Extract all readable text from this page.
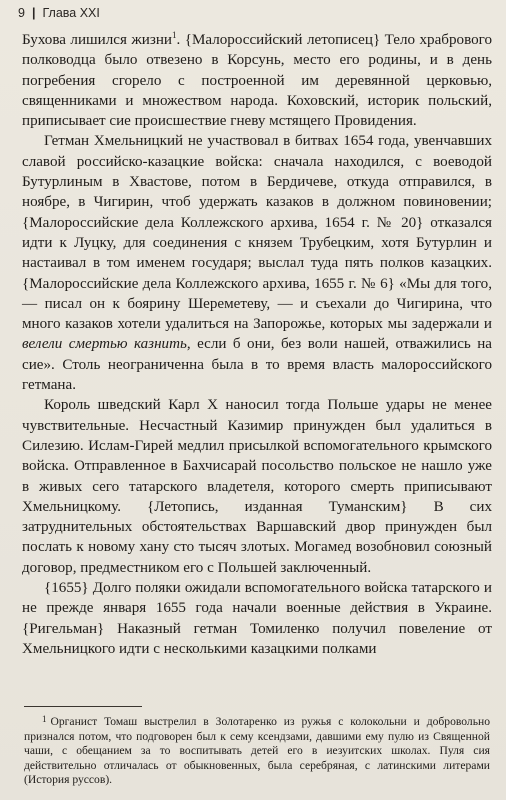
9 | Глава XXI

Бухова лишился жизни$^1$. {Малороссийский летописец} Тело храбрового полководца было отвезено в Корсунь, место его родины, и в день погребения сгорело с построенной им деревянной церковью, священниками и множеством народа. Коховский, историк польский, приписывает сие происшествие гневу мстящего Провидения.

Гетман Хмельницкий не участвовал в битвах 1654 года, увенчавших славой российско-казацкие войска: сначала находился, с воеводой Бутурлиным в Хвастове, потом в Бердичеве, откуда отправился, в ноябре, в Чигирин, чтоб удержать казаков в должном повиновении; {Малороссийские дела Коллежского архива, 1654 г. № 20} отказался идти к Луцку, для соединения с князем Трубецким, хотя Бутурлин и настаивал в том именем государя; выслал туда пять полков казацких. {Малороссийские дела Коллежского архива, 1655 г. № 6} «Мы для того, — писал он к боярину Шереметеву, — и съехали до Чигирина, что много казаков хотели удалиться на Запорожье, которых мы задержали и велели смертью казнить, если б они, без воли нашей, отважились на сие». Столь неограниченна была в то время власть малороссийского гетмана.

Король шведский Карл X наносил тогда Польше удары не менее чувствительные. Несчастный Казимир принужден был удалиться в Силезию. Ислам-Гирей медлил присылкой вспомогательного крымского войска. Отправленное в Бахчисарай посольство польское не нашло уже в живых сего татарского владетеля, которого смерть приписывают Хмельницкому. {Летопись, изданная Туманским} В сих затруднительных обстоятельствах Варшавский двор принужден был послать к новому хану сто тысяч злотых. Могамед возобновил союзный договор, предместником его с Польшей заключенный.

{1655} Долго поляки ожидали вспомогательного войска татарского и не прежде января 1655 года начали военные действия в Украине. {Ригельман} Наказный гетман Томиленко получил повеление от Хмельницкого идти с несколькими казацкими полками

$^1$ Органист Томаш выстрелил в Золотаренко из ружья с колокольни и добровольно признался потом, что подговорен был к сему ксендзами, давшими ему пулю из Священной чаши, с обещанием за то воспитывать детей его в иезуитских школах. Пуля сия действительно отличалась от обыкновенных, была серебряная, с латинскими литерами (История руссов).
